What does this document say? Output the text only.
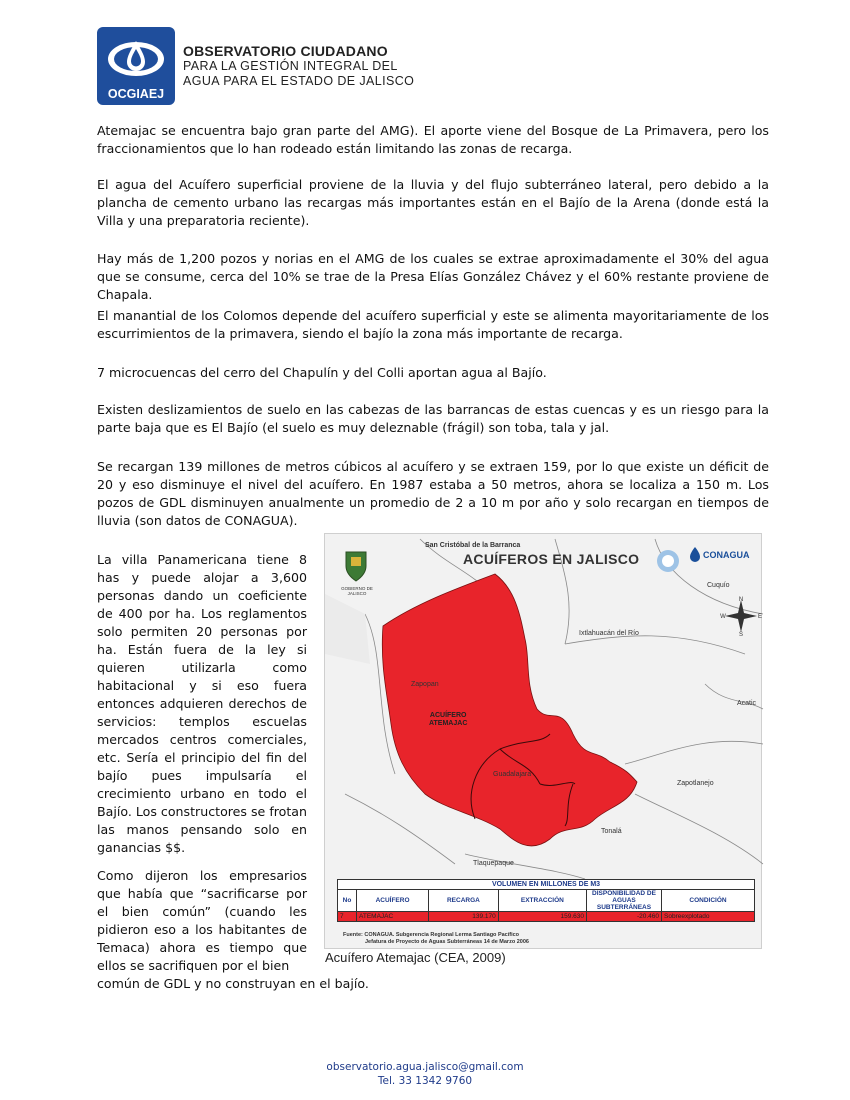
OCGIAEJ
OBSERVATORIO CIUDADANO
PARA LA GESTIÓN INTEGRAL DEL
AGUA PARA EL ESTADO DE JALISCO
Atemajac se encuentra bajo gran parte del AMG). El aporte viene del Bosque de La Primavera, pero los fraccionamientos que lo han rodeado están limitando las zonas de recarga.
El agua del Acuífero superficial proviene de la lluvia y del flujo subterráneo lateral, pero debido a la plancha de cemento urbano las recargas más importantes están en el Bajío de la Arena (donde está la Villa y una preparatoria reciente).
Hay más de 1,200 pozos y norias en el AMG de los cuales se extrae aproximadamente el 30% del agua que se consume, cerca del 10% se trae de la Presa Elías González Chávez y el 60% restante proviene de Chapala.
El manantial de los Colomos depende del acuífero superficial y este se alimenta mayoritariamente de los escurrimientos de la primavera, siendo el bajío la zona más importante de recarga.
7 microcuencas del cerro del Chapulín y del Colli aportan agua al Bajío.
Existen deslizamientos de suelo en las cabezas de las barrancas de estas cuencas y es un riesgo para la parte baja que es El Bajío (el suelo es muy deleznable (frágil) son toba, tala y jal.
Se recargan 139 millones de metros cúbicos al acuífero y se extraen 159, por lo que existe un déficit de 20 y eso disminuye el nivel del acuífero. En 1987 estaba a 50 metros, ahora se localiza a 150 m. Los pozos de GDL disminuyen anualmente un promedio de 2 a 10 m por año y solo recargan en tiempos de lluvia (son datos de CONAGUA).
La villa Panamericana tiene 8 has y puede alojar a 3,600 personas dando un coeficiente de 400 por ha. Los reglamentos solo permiten 20 personas por ha. Están fuera de la ley si quieren utilizarla como habitacional y si eso fuera entonces adquieren derechos de servicios: templos escuelas mercados centros comerciales, etc. Sería el principio del fin del bajío pues impulsaría el crecimiento urbano en todo el Bajío. Los constructores se frotan las manos pensando solo en ganancias $$.
Como dijeron los empresarios que había que “sacrificarse por el bien común” (cuando les pidieron eso a los habitantes de Temaca) ahora es tiempo que ellos se sacrifiquen por el bien
común de GDL y no construyan en el bajío.
San Cristóbal de la Barranca
ACUÍFEROS EN JALISCO
GOBIERNO DE JALISCO
CONAGUA
N
S
E
W
Cuquío
Ixtlahuacán del Río
Zapopan
Acatic
Guadalajara
Zapotlanejo
Tonalá
Tlaquepaque
ACUÍFERO
ATEMAJAC
VOLUMEN EN MILLONES DE M3					
No	ACUÍFERO	RECARGA	EXTRACCIÓN	DISPONIBILIDAD DE AGUAS SUBTERRÁNEAS	CONDICIÓN
7	ATEMAJAC	139.170	159.630	-20.460	Sobreexplotado
Fuente: CONAGUA. Subgerencia Regional Lerma Santiago Pacífico
Jefatura de Proyecto de Aguas Subterráneas 14 de Marzo 2006
Acuífero Atemajac (CEA, 2009)
observatorio.agua.jalisco@gmail.com
Tel. 33 1342 9760
